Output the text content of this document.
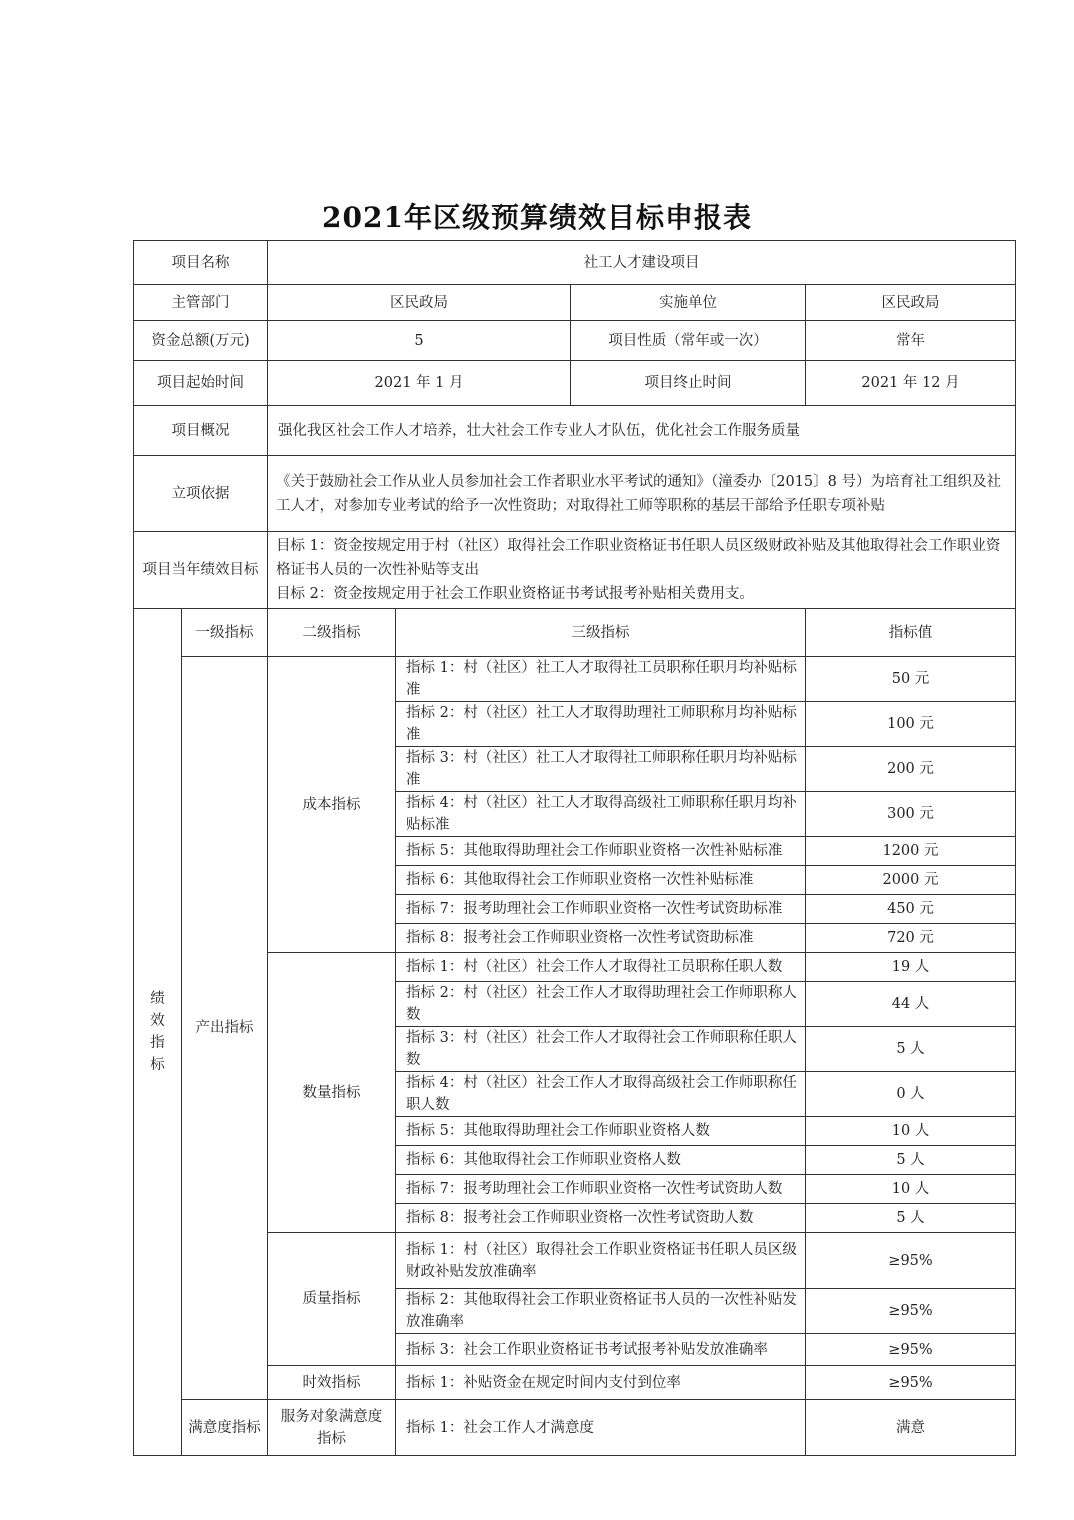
2021年区级预算绩效目标申报表
项目名称		社工人才建设项目			
主管部门		区民政局		实施单位	区民政局
资金总额(万元)		5		项目性质（常年或一次）	常年
项目起始时间		2021 年 1 月		项目终止时间	2021 年 12 月
项目概况		强化我区社会工作人才培养，壮大社会工作专业人才队伍，优化社会工作服务质量			
立项依据		《关于鼓励社会工作从业人员参加社会工作者职业水平考试的通知》（潼委办〔2015〕8 号）为培育社工组织及社工人才，对参加专业考试的给予一次性资助；对取得社工师等职称的基层干部给予任职专项补贴			
项目当年绩效目标		目标 1：资金按规定用于村（社区）取得社会工作职业资格证书任职人员区级财政补贴及其他取得社会工作职业资格证书人员的一次性补贴等支出
目标 2：资金按规定用于社会工作职业资格证书考试报考补贴相关费用支。			

绩效指标	一级指标	二级指标	三级指标		指标值
	产出指标	成本指标	指标 1：村（社区）社工人才取得社工员职称任职月均补贴标准		50 元
			指标 2：村（社区）社工人才取得助理社工师职称月均补贴标准		100 元
			指标 3：村（社区）社工人才取得社工师职称任职月均补贴标准		200 元
			指标 4：村（社区）社工人才取得高级社工师职称任职月均补贴标准		300 元
			指标 5：其他取得助理社会工作师职业资格一次性补贴标准		1200 元
			指标 6：其他取得社会工作师职业资格一次性补贴标准		2000 元
			指标 7：报考助理社会工作师职业资格一次性考试资助标准		450 元
			指标 8：报考社会工作师职业资格一次性考试资助标准		720 元
		数量指标	指标 1：村（社区）社会工作人才取得社工员职称任职人数		19 人
			指标 2：村（社区）社会工作人才取得助理社会工作师职称人数		44 人
			指标 3：村（社区）社会工作人才取得社会工作师职称任职人数		5 人
			指标 4：村（社区）社会工作人才取得高级社会工作师职称任职人数		0 人
			指标 5：其他取得助理社会工作师职业资格人数		10 人
			指标 6：其他取得社会工作师职业资格人数		5 人
			指标 7：报考助理社会工作师职业资格一次性考试资助人数		10 人
			指标 8：报考社会工作师职业资格一次性考试资助人数		5 人
		质量指标	指标 1：村（社区）取得社会工作职业资格证书任职人员区级财政补贴发放准确率		≥95%
			指标 2：其他取得社会工作职业资格证书人员的一次性补贴发放准确率		≥95%
			指标 3：社会工作职业资格证书考试报考补贴发放准确率		≥95%
		时效指标	指标 1：补贴资金在规定时间内支付到位率		≥95%
	满意度指标	服务对象满意度指标	指标 1：社会工作人才满意度		满意
